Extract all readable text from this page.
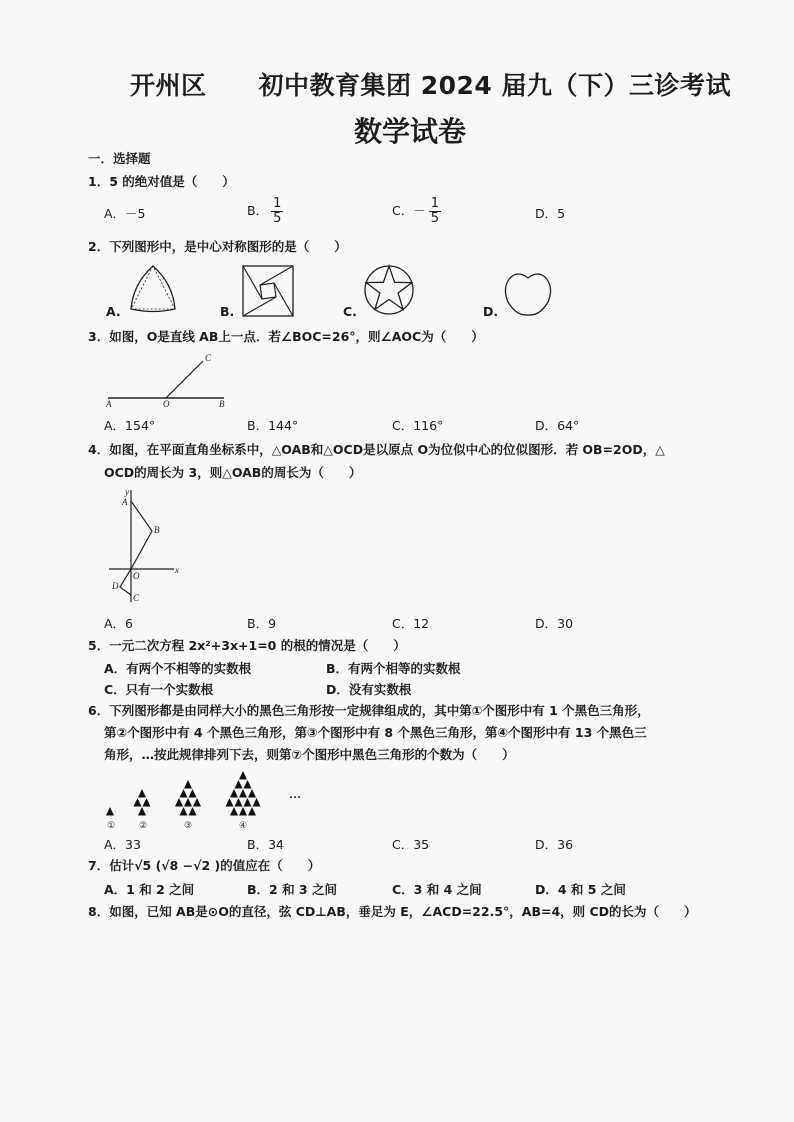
开州区 初中教育集团 2024 届九（下）三诊考试
数学试卷
一．选择题
1．5 的绝对值是（　　）
A．－5	B． $\frac{1}{5}$	C．－ $\frac{1}{5}$	D．5
2．下列图形中，是中心对称图形的是（　　）
A.	B.	C.	D.
3．如图，O是直线 AB上一点．若∠BOC=26°，则∠AOC为（　　）
A	O	B
C
A．154°	B．144°	C．116°	D．64°
4．如图，在平面直角坐标系中，△OAB和△OCD是以原点 O为位似中心的位似图形．若 OB=2OD，△
OCD的周长为 3，则△OAB的周长为（　　）
y
x
A
B
O
D
C
A．6	B．9	C．12	D．30
5．一元二次方程 2x²+3x+1=0 的根的情况是（　　）
A．有两个不相等的实数根	B．有两个相等的实数根
C．只有一个实数根	D．没有实数根
6．下列图形都是由同样大小的黑色三角形按一定规律组成的，其中第①个图形中有 1 个黑色三角形，
第②个图形中有 4 个黑色三角形，第③个图形中有 8 个黑色三角形，第④个图形中有 13 个黑色三
角形，…按此规律排列下去，则第⑦个图形中黑色三角形的个数为（　　）
①	②	③	④
…
A．33	B．34	C．35	D．36
7．估计√5 (√8 −√2 )的值应在（　　）
A．1 和 2 之间	B．2 和 3 之间	C．3 和 4 之间	D．4 和 5 之间
8．如图，已知 AB是⊙O的直径，弦 CD⊥AB，垂足为 E，∠ACD=22.5°，AB=4，则 CD的长为（　　）
